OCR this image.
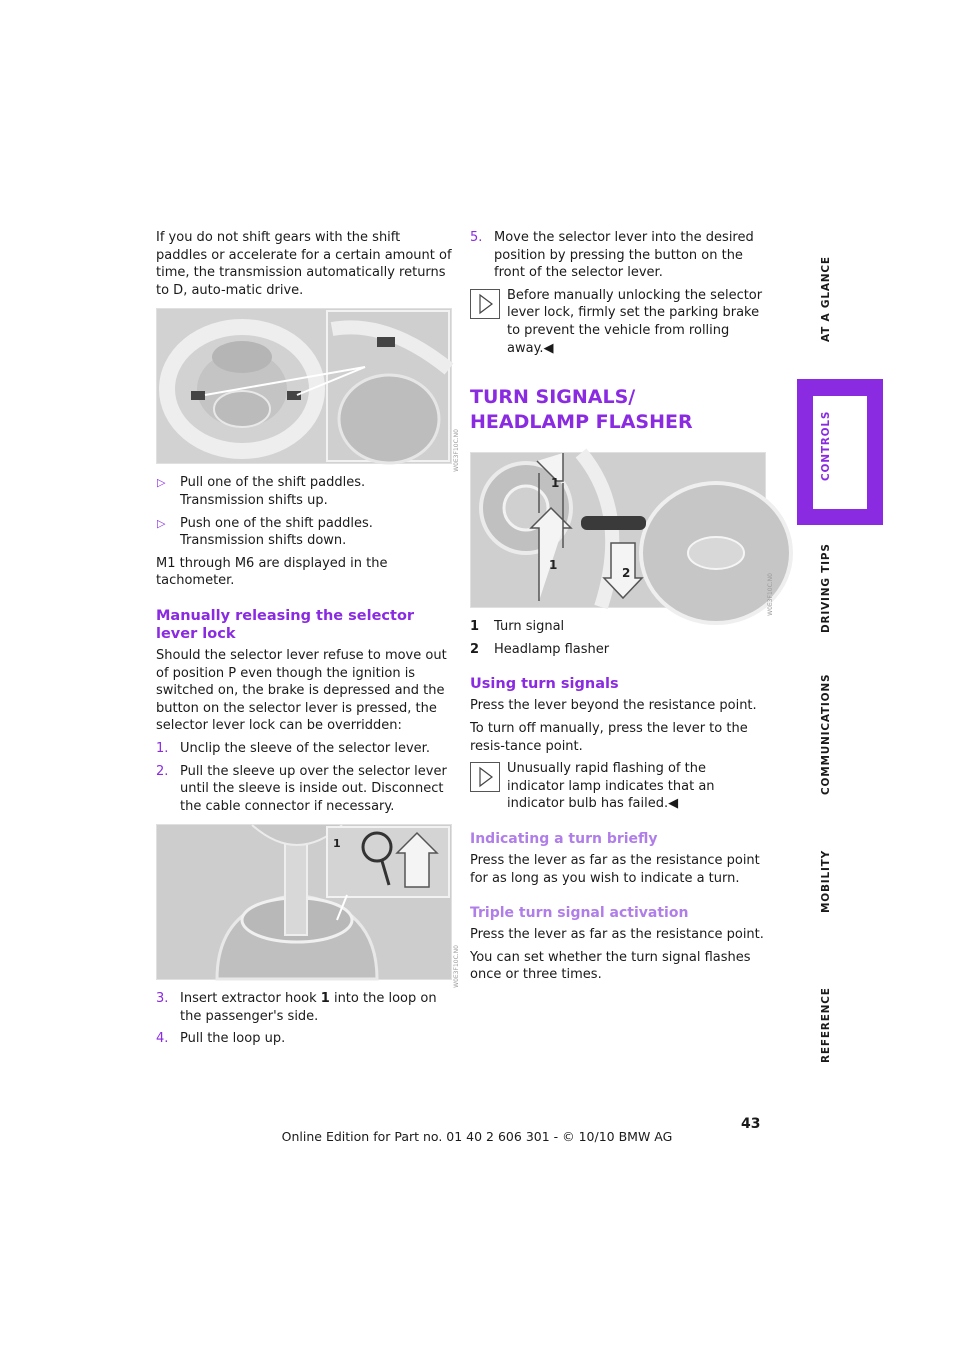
If you do not shift gears with the shift paddles or accelerate for a certain amount of time, the transmission automatically returns to D, auto-matic drive.

W0E3F10C.N0
▷ Pull one of the shift paddles. Transmission shifts up.
▷ Push one of the shift paddles. Transmission shifts down.

M1 through M6 are displayed in the tachometer.

Manually releasing the selector lever lock

Should the selector lever refuse to move out of position P even though the ignition is switched on, the brake is depressed and the button on the selector lever is pressed, the selector lever lock can be overridden:

1. Unclip the sleeve of the selector lever.
2. Pull the sleeve up over the selector lever until the sleeve is inside out. Disconnect the cable connector if necessary.
1
W0E3F10C.N0
3. Insert extractor hook 1 into the loop on the passenger's side.
4. Pull the loop up.
5. Move the selector lever into the desired position by pressing the button on the front of the selector lever.
Before manually unlocking the selector lever lock, firmly set the parking brake to prevent the vehicle from rolling away.◀
TURN SIGNALS/
HEADLAMP FLASHER
1
1
2	W0E3F10C.N0
1 Turn signal
2 Headlamp flasher
Using turn signals

Press the lever beyond the resistance point.

To turn off manually, press the lever to the resis-tance point.

Unusually rapid flashing of the indicator lamp indicates that an indicator bulb has failed.◀
Indicating a turn briefly

Press the lever as far as the resistance point for as long as you wish to indicate a turn.

Triple turn signal activation

Press the lever as far as the resistance point.

You can set whether the turn signal flashes once or three times.

AT A GLANCE
CONTROLS
DRIVING TIPS
COMMUNICATIONS
MOBILITY
REFERENCE
43
Online Edition for Part no. 01 40 2 606 301 - © 10/10 BMW AG
